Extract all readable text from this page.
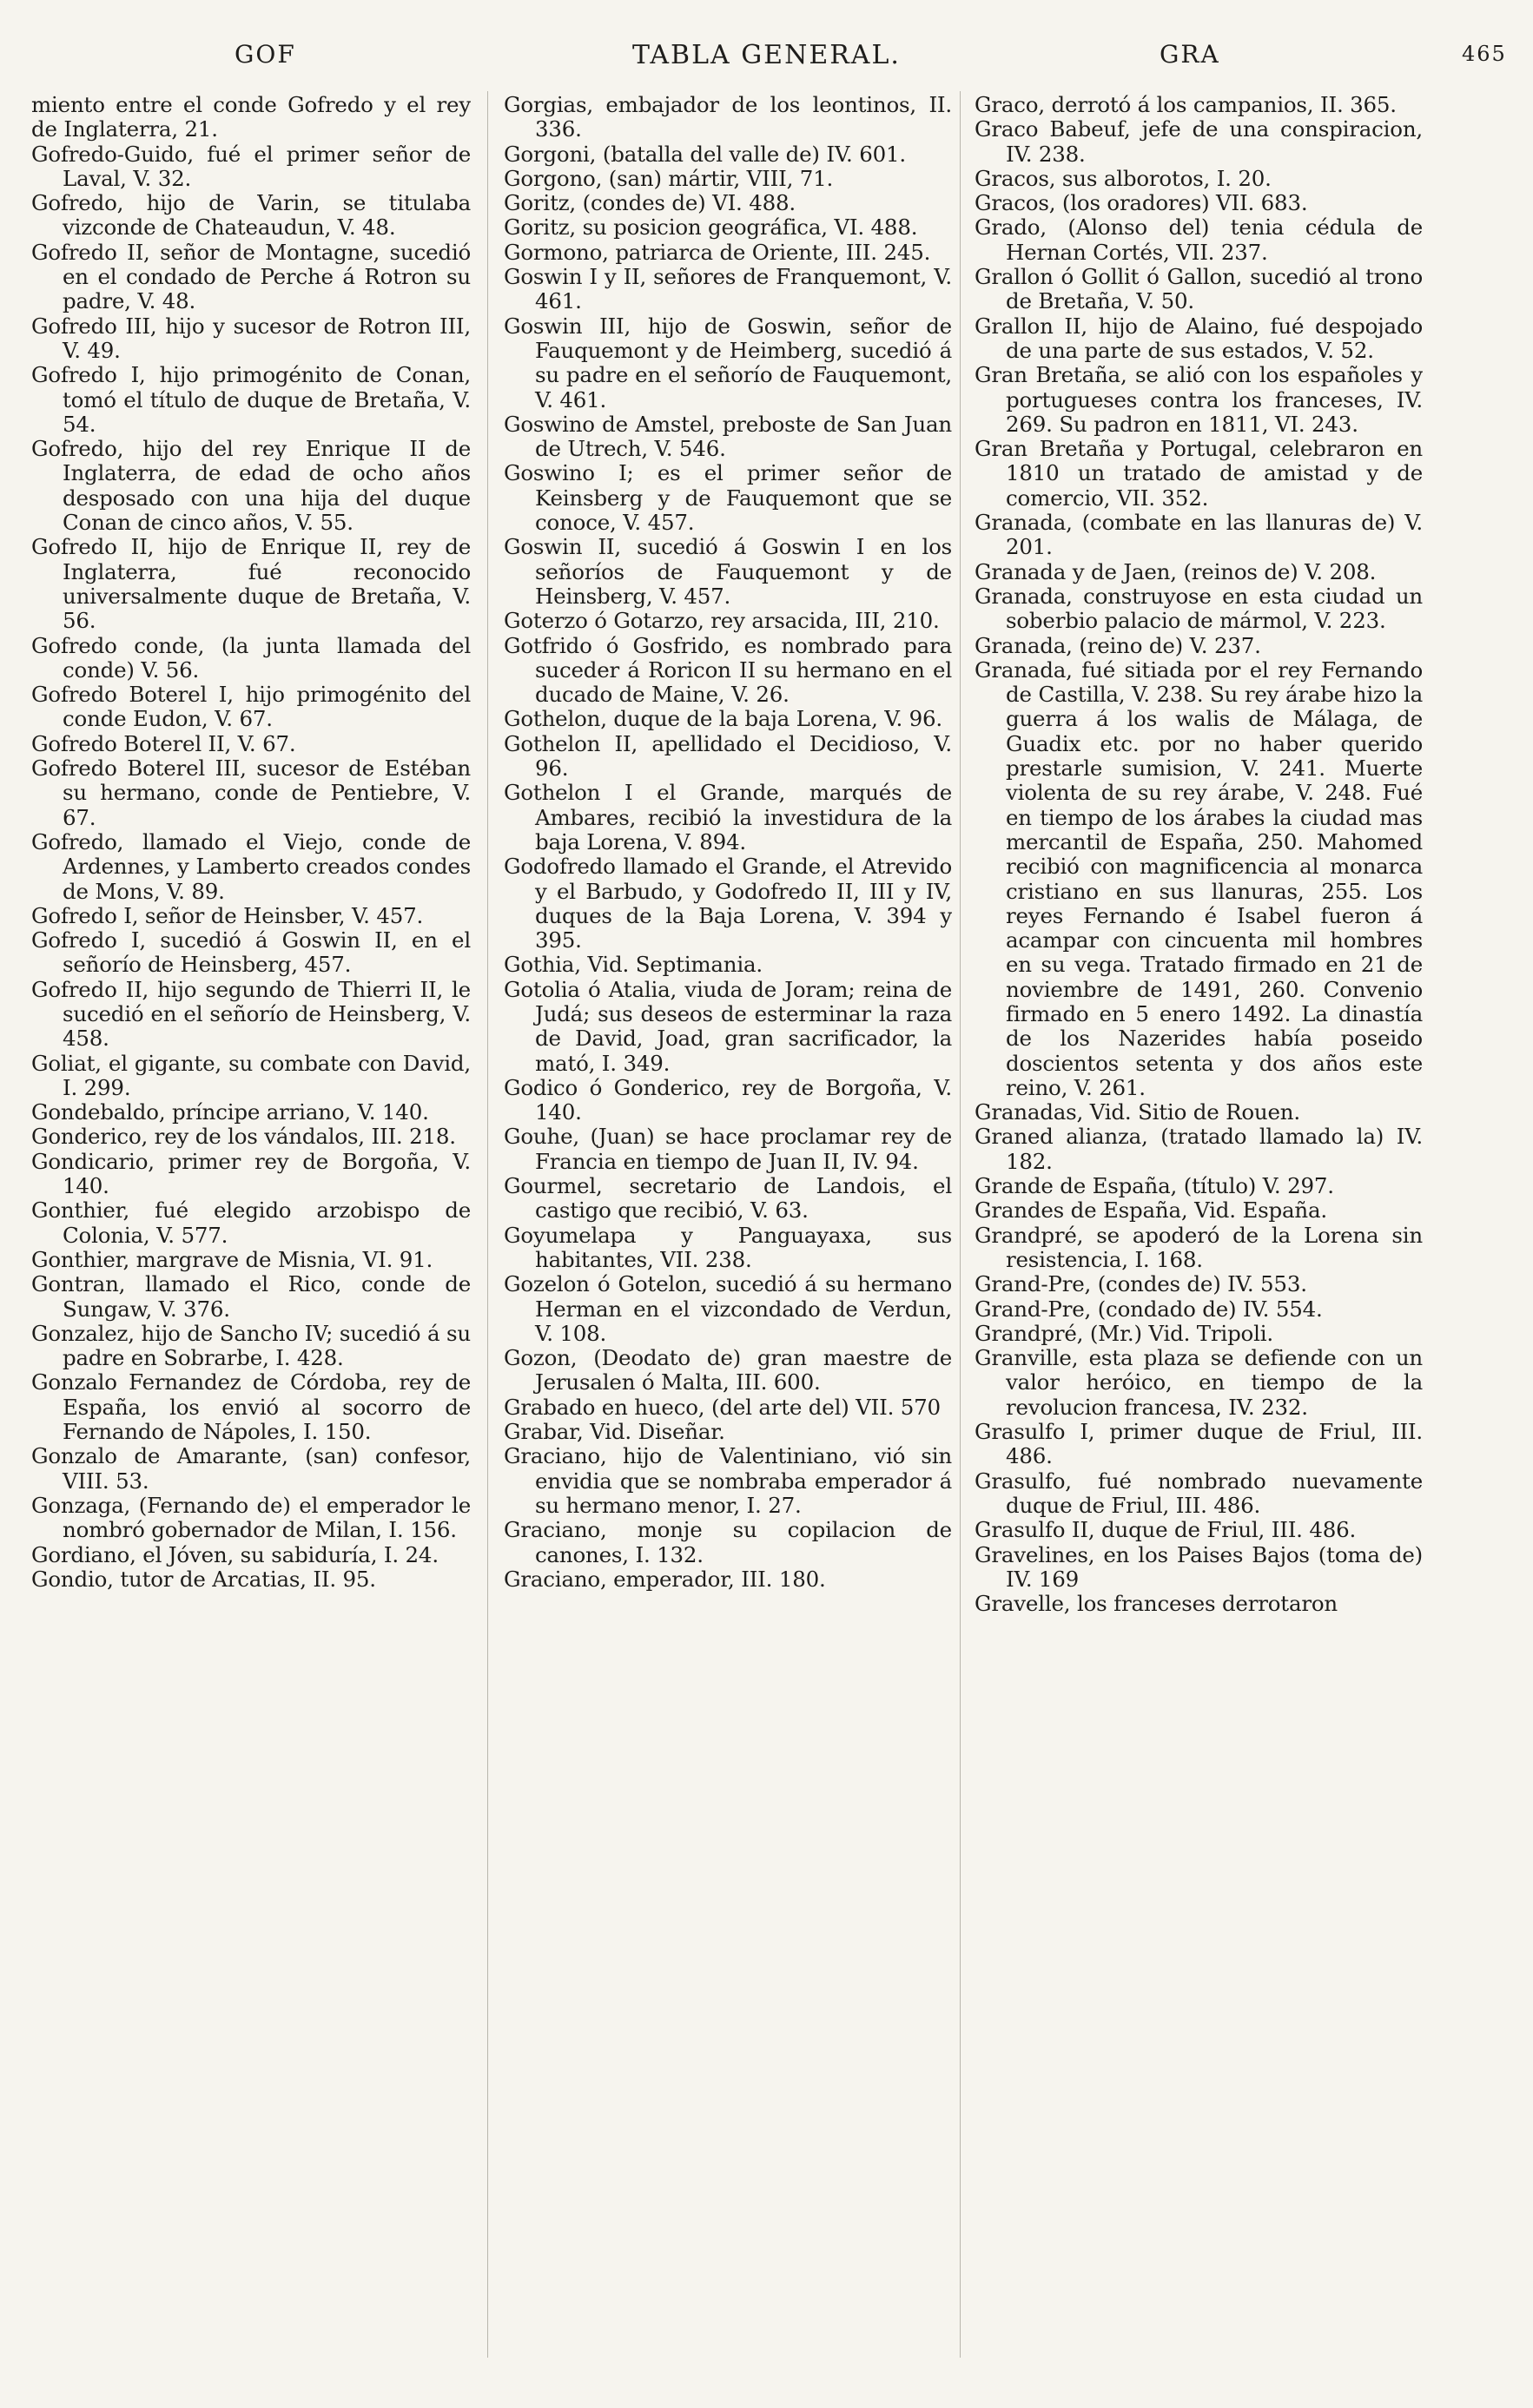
GOF	TABLA GENERAL.	GRA	465

miento entre el conde Gofredo y el rey de Inglaterra, 21.

Gofredo-Guido, fué el primer señor de Laval, V. 32.

Gofredo, hijo de Varin, se titulaba vizconde de Chateaudun, V. 48.

Gofredo II, señor de Montagne, sucedió en el condado de Perche á Rotron su padre, V. 48.

Gofredo III, hijo y sucesor de Rotron III, V. 49.

Gofredo I, hijo primogénito de Conan, tomó el título de duque de Bretaña, V. 54.

Gofredo, hijo del rey Enrique II de Inglaterra, de edad de ocho años desposado con una hija del duque Conan de cinco años, V. 55.

Gofredo II, hijo de Enrique II, rey de Inglaterra, fué reconocido universalmente duque de Bretaña, V. 56.

Gofredo conde, (la junta llamada del conde) V. 56.

Gofredo Boterel I, hijo primogénito del conde Eudon, V. 67.

Gofredo Boterel II, V. 67.

Gofredo Boterel III, sucesor de Estéban su hermano, conde de Pentiebre, V. 67.

Gofredo, llamado el Viejo, conde de Ardennes, y Lamberto creados condes de Mons, V. 89.

Gofredo I, señor de Heinsber, V. 457.

Gofredo I, sucedió á Goswin II, en el señorío de Heinsberg, 457.

Gofredo II, hijo segundo de Thierri II, le sucedió en el señorío de Heinsberg, V. 458.

Goliat, el gigante, su combate con David, I. 299.

Gondebaldo, príncipe arriano, V. 140.

Gonderico, rey de los vándalos, III. 218.

Gondicario, primer rey de Borgoña, V. 140.

Gonthier, fué elegido arzobispo de Colonia, V. 577.

Gonthier, margrave de Misnia, VI. 91.

Gontran, llamado el Rico, conde de Sungaw, V. 376.

Gonzalez, hijo de Sancho IV; sucedió á su padre en Sobrarbe, I. 428.

Gonzalo Fernandez de Córdoba, rey de España, los envió al socorro de Fernando de Nápoles, I. 150.

Gonzalo de Amarante, (san) confesor, VIII. 53.

Gonzaga, (Fernando de) el emperador le nombró gobernador de Milan, I. 156.

Gordiano, el Jóven, su sabiduría, I. 24.

Gondio, tutor de Arcatias, II. 95.

Gorgias, embajador de los leontinos, II. 336.

Gorgoni, (batalla del valle de) IV. 601.

Gorgono, (san) mártir, VIII, 71.

Goritz, (condes de) VI. 488.

Goritz, su posicion geográfica, VI. 488.

Gormono, patriarca de Oriente, III. 245.

Goswin I y II, señores de Franquemont, V. 461.

Goswin III, hijo de Goswin, señor de Fauquemont y de Heimberg, sucedió á su padre en el señorío de Fauquemont, V. 461.

Goswino de Amstel, preboste de San Juan de Utrech, V. 546.

Goswino I; es el primer señor de Keinsberg y de Fauquemont que se conoce, V. 457.

Goswin II, sucedió á Goswin I en los señoríos de Fauquemont y de Heinsberg, V. 457.

Goterzo ó Gotarzo, rey arsacida, III, 210.

Gotfrido ó Gosfrido, es nombrado para suceder á Roricon II su hermano en el ducado de Maine, V. 26.

Gothelon, duque de la baja Lorena, V. 96.

Gothelon II, apellidado el Decidioso, V. 96.

Gothelon I el Grande, marqués de Ambares, recibió la investidura de la baja Lorena, V. 894.

Godofredo llamado el Grande, el Atrevido y el Barbudo, y Godofredo II, III y IV, duques de la Baja Lorena, V. 394 y 395.

Gothia, Vid. Septimania.

Gotolia ó Atalia, viuda de Joram; reina de Judá; sus deseos de esterminar la raza de David, Joad, gran sacrificador, la mató, I. 349.

Godico ó Gonderico, rey de Borgoña, V. 140.

Gouhe, (Juan) se hace proclamar rey de Francia en tiempo de Juan II, IV. 94.

Gourmel, secretario de Landois, el castigo que recibió, V. 63.

Goyumelapa y Panguayaxa, sus habitantes, VII. 238.

Gozelon ó Gotelon, sucedió á su hermano Herman en el vizcondado de Verdun, V. 108.

Gozon, (Deodato de) gran maestre de Jerusalen ó Malta, III. 600.

Grabado en hueco, (del arte del) VII. 570

Grabar, Vid. Diseñar.

Graciano, hijo de Valentiniano, vió sin envidia que se nombraba emperador á su hermano menor, I. 27.

Graciano, monje su copilacion de canones, I. 132.

Graciano, emperador, III. 180.

Graco, derrotó á los campanios, II. 365.

Graco Babeuf, jefe de una conspiracion, IV. 238.

Gracos, sus alborotos, I. 20.

Gracos, (los oradores) VII. 683.

Grado, (Alonso del) tenia cédula de Hernan Cortés, VII. 237.

Grallon ó Gollit ó Gallon, sucedió al trono de Bretaña, V. 50.

Grallon II, hijo de Alaino, fué despojado de una parte de sus estados, V. 52.

Gran Bretaña, se alió con los españoles y portugueses contra los franceses, IV. 269. Su padron en 1811, VI. 243.

Gran Bretaña y Portugal, celebraron en 1810 un tratado de amistad y de comercio, VII. 352.

Granada, (combate en las llanuras de) V. 201.

Granada y de Jaen, (reinos de) V. 208.

Granada, construyose en esta ciudad un soberbio palacio de mármol, V. 223.

Granada, (reino de) V. 237.

Granada, fué sitiada por el rey Fernando de Castilla, V. 238. Su rey árabe hizo la guerra á los walis de Málaga, de Guadix etc. por no haber querido prestarle sumision, V. 241. Muerte violenta de su rey árabe, V. 248. Fué en tiempo de los árabes la ciudad mas mercantil de España, 250. Mahomed recibió con magnificencia al monarca cristiano en sus llanuras, 255. Los reyes Fernando é Isabel fueron á acampar con cincuenta mil hombres en su vega. Tratado firmado en 21 de noviembre de 1491, 260. Convenio firmado en 5 enero 1492. La dinastía de los Nazerides había poseido doscientos setenta y dos años este reino, V. 261.

Granadas, Vid. Sitio de Rouen.

Graned alianza, (tratado llamado la) IV. 182.

Grande de España, (título) V. 297.

Grandes de España, Vid. España.

Grandpré, se apoderó de la Lorena sin resistencia, I. 168.

Grand-Pre, (condes de) IV. 553.

Grand-Pre, (condado de) IV. 554.

Grandpré, (Mr.) Vid. Tripoli.

Granville, esta plaza se defiende con un valor heróico, en tiempo de la revolucion francesa, IV. 232.

Grasulfo I, primer duque de Friul, III. 486.

Grasulfo, fué nombrado nuevamente duque de Friul, III. 486.

Grasulfo II, duque de Friul, III. 486.

Gravelines, en los Paises Bajos (toma de) IV. 169

Gravelle, los franceses derrotaron
